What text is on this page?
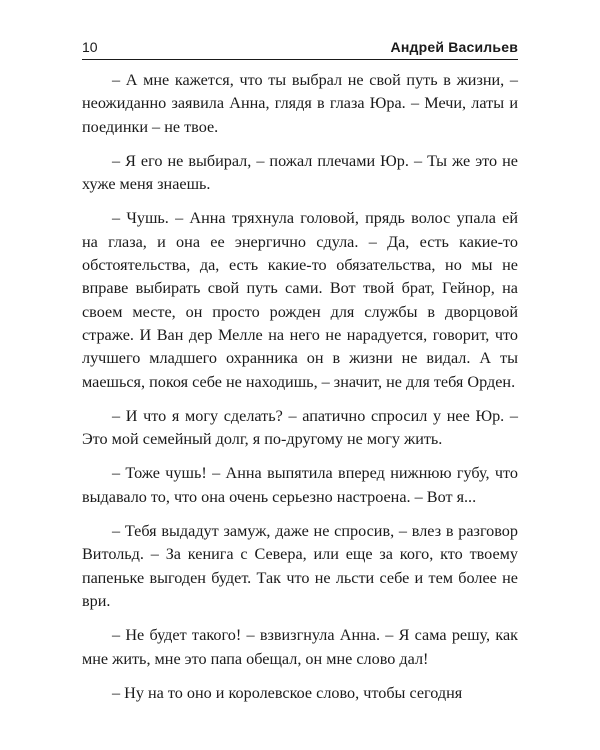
10	Андрей Васильев

– А мне кажется, что ты выбрал не свой путь в жизни, – неожиданно заявила Анна, глядя в глаза Юра. – Мечи, латы и поединки – не твое.

– Я его не выбирал, – пожал плечами Юр. – Ты же это не хуже меня знаешь.

– Чушь. – Анна тряхнула головой, прядь волос упала ей на глаза, и она ее энергично сдула. – Да, есть какие-то обстоятельства, да, есть какие-то обязательства, но мы не вправе выбирать свой путь сами. Вот твой брат, Гейнор, на своем месте, он просто рожден для службы в дворцовой страже. И Ван дер Мелле на него не нарадуется, говорит, что лучшего младшего охранника он в жизни не видал. А ты маешься, покоя себе не находишь, – значит, не для тебя Орден.

– И что я могу сделать? – апатично спросил у нее Юр. – Это мой семейный долг, я по-другому не могу жить.

– Тоже чушь! – Анна выпятила вперед нижнюю губу, что выдавало то, что она очень серьезно настроена. – Вот я...

– Тебя выдадут замуж, даже не спросив, – влез в разговор Витольд. – За кенига с Севера, или еще за кого, кто твоему папеньке выгоден будет. Так что не льсти себе и тем более не ври.

– Не будет такого! – взвизгнула Анна. – Я сама решу, как мне жить, мне это папа обещал, он мне слово дал!

– Ну на то оно и королевское слово, чтобы сегодня
